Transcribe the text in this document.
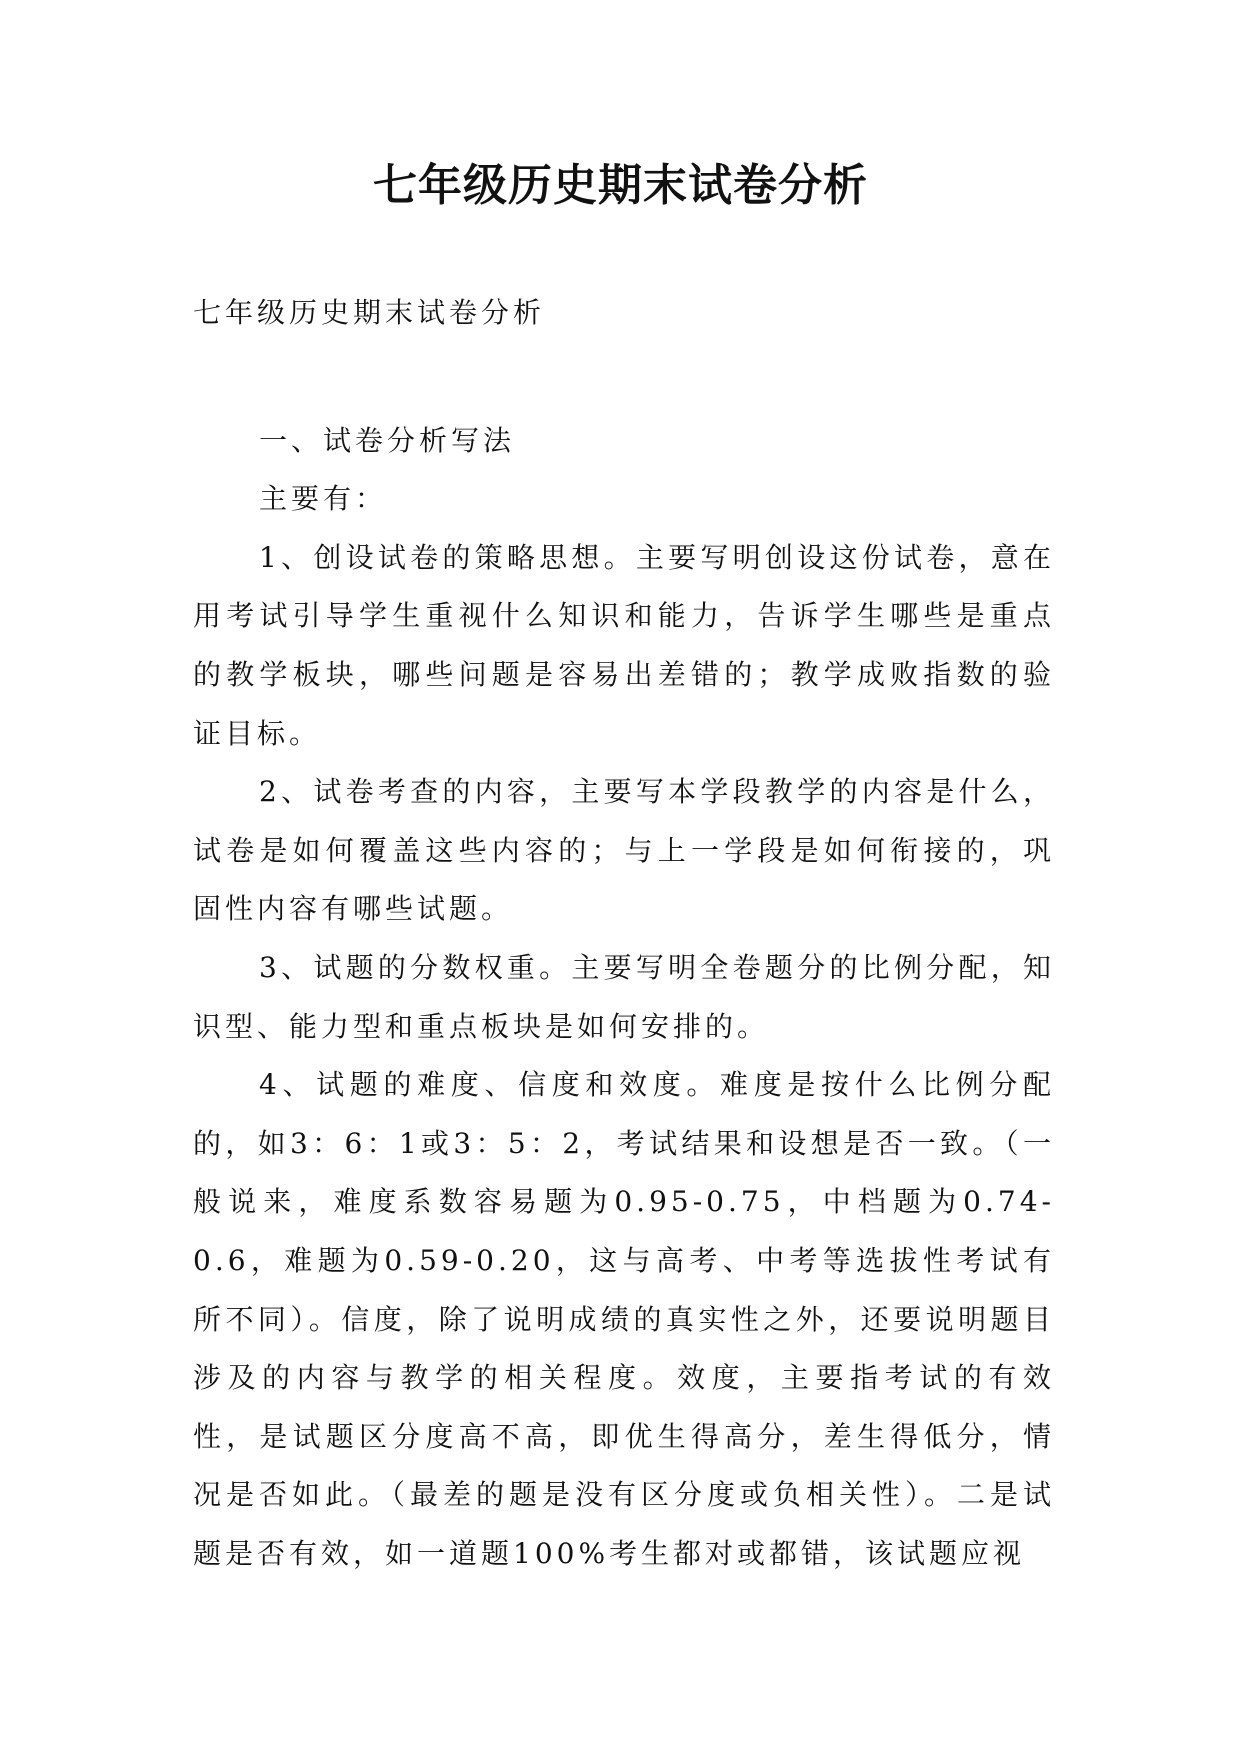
七年级历史期末试卷分析

七年级历史期末试卷分析

一、试卷分析写法

主要有：

1、创设试卷的策略思想。主要写明创设这份试卷，意在用考试引导学生重视什么知识和能力，告诉学生哪些是重点的教学板块，哪些问题是容易出差错的；教学成败指数的验证目标。

2、试卷考查的内容，主要写本学段教学的内容是什么，试卷是如何覆盖这些内容的；与上一学段是如何衔接的，巩固性内容有哪些试题。

3、试题的分数权重。主要写明全卷题分的比例分配，知识型、能力型和重点板块是如何安排的。

4、试题的难度、信度和效度。难度是按什么比例分配的，如3：6：1或3：5：2，考试结果和设想是否一致。（一般说来，难度系数容易题为0.95-0.75，中档题为0.74-0.6，难题为0.59-0.20，这与高考、中考等选拔性考试有所不同）。信度，除了说明成绩的真实性之外，还要说明题目涉及的内容与教学的相关程度。效度，主要指考试的有效性，是试题区分度高不高，即优生得高分，差生得低分，情况是否如此。（最差的题是没有区分度或负相关性）。二是试题是否有效，如一道题100%考生都对或都错，该试题应视
